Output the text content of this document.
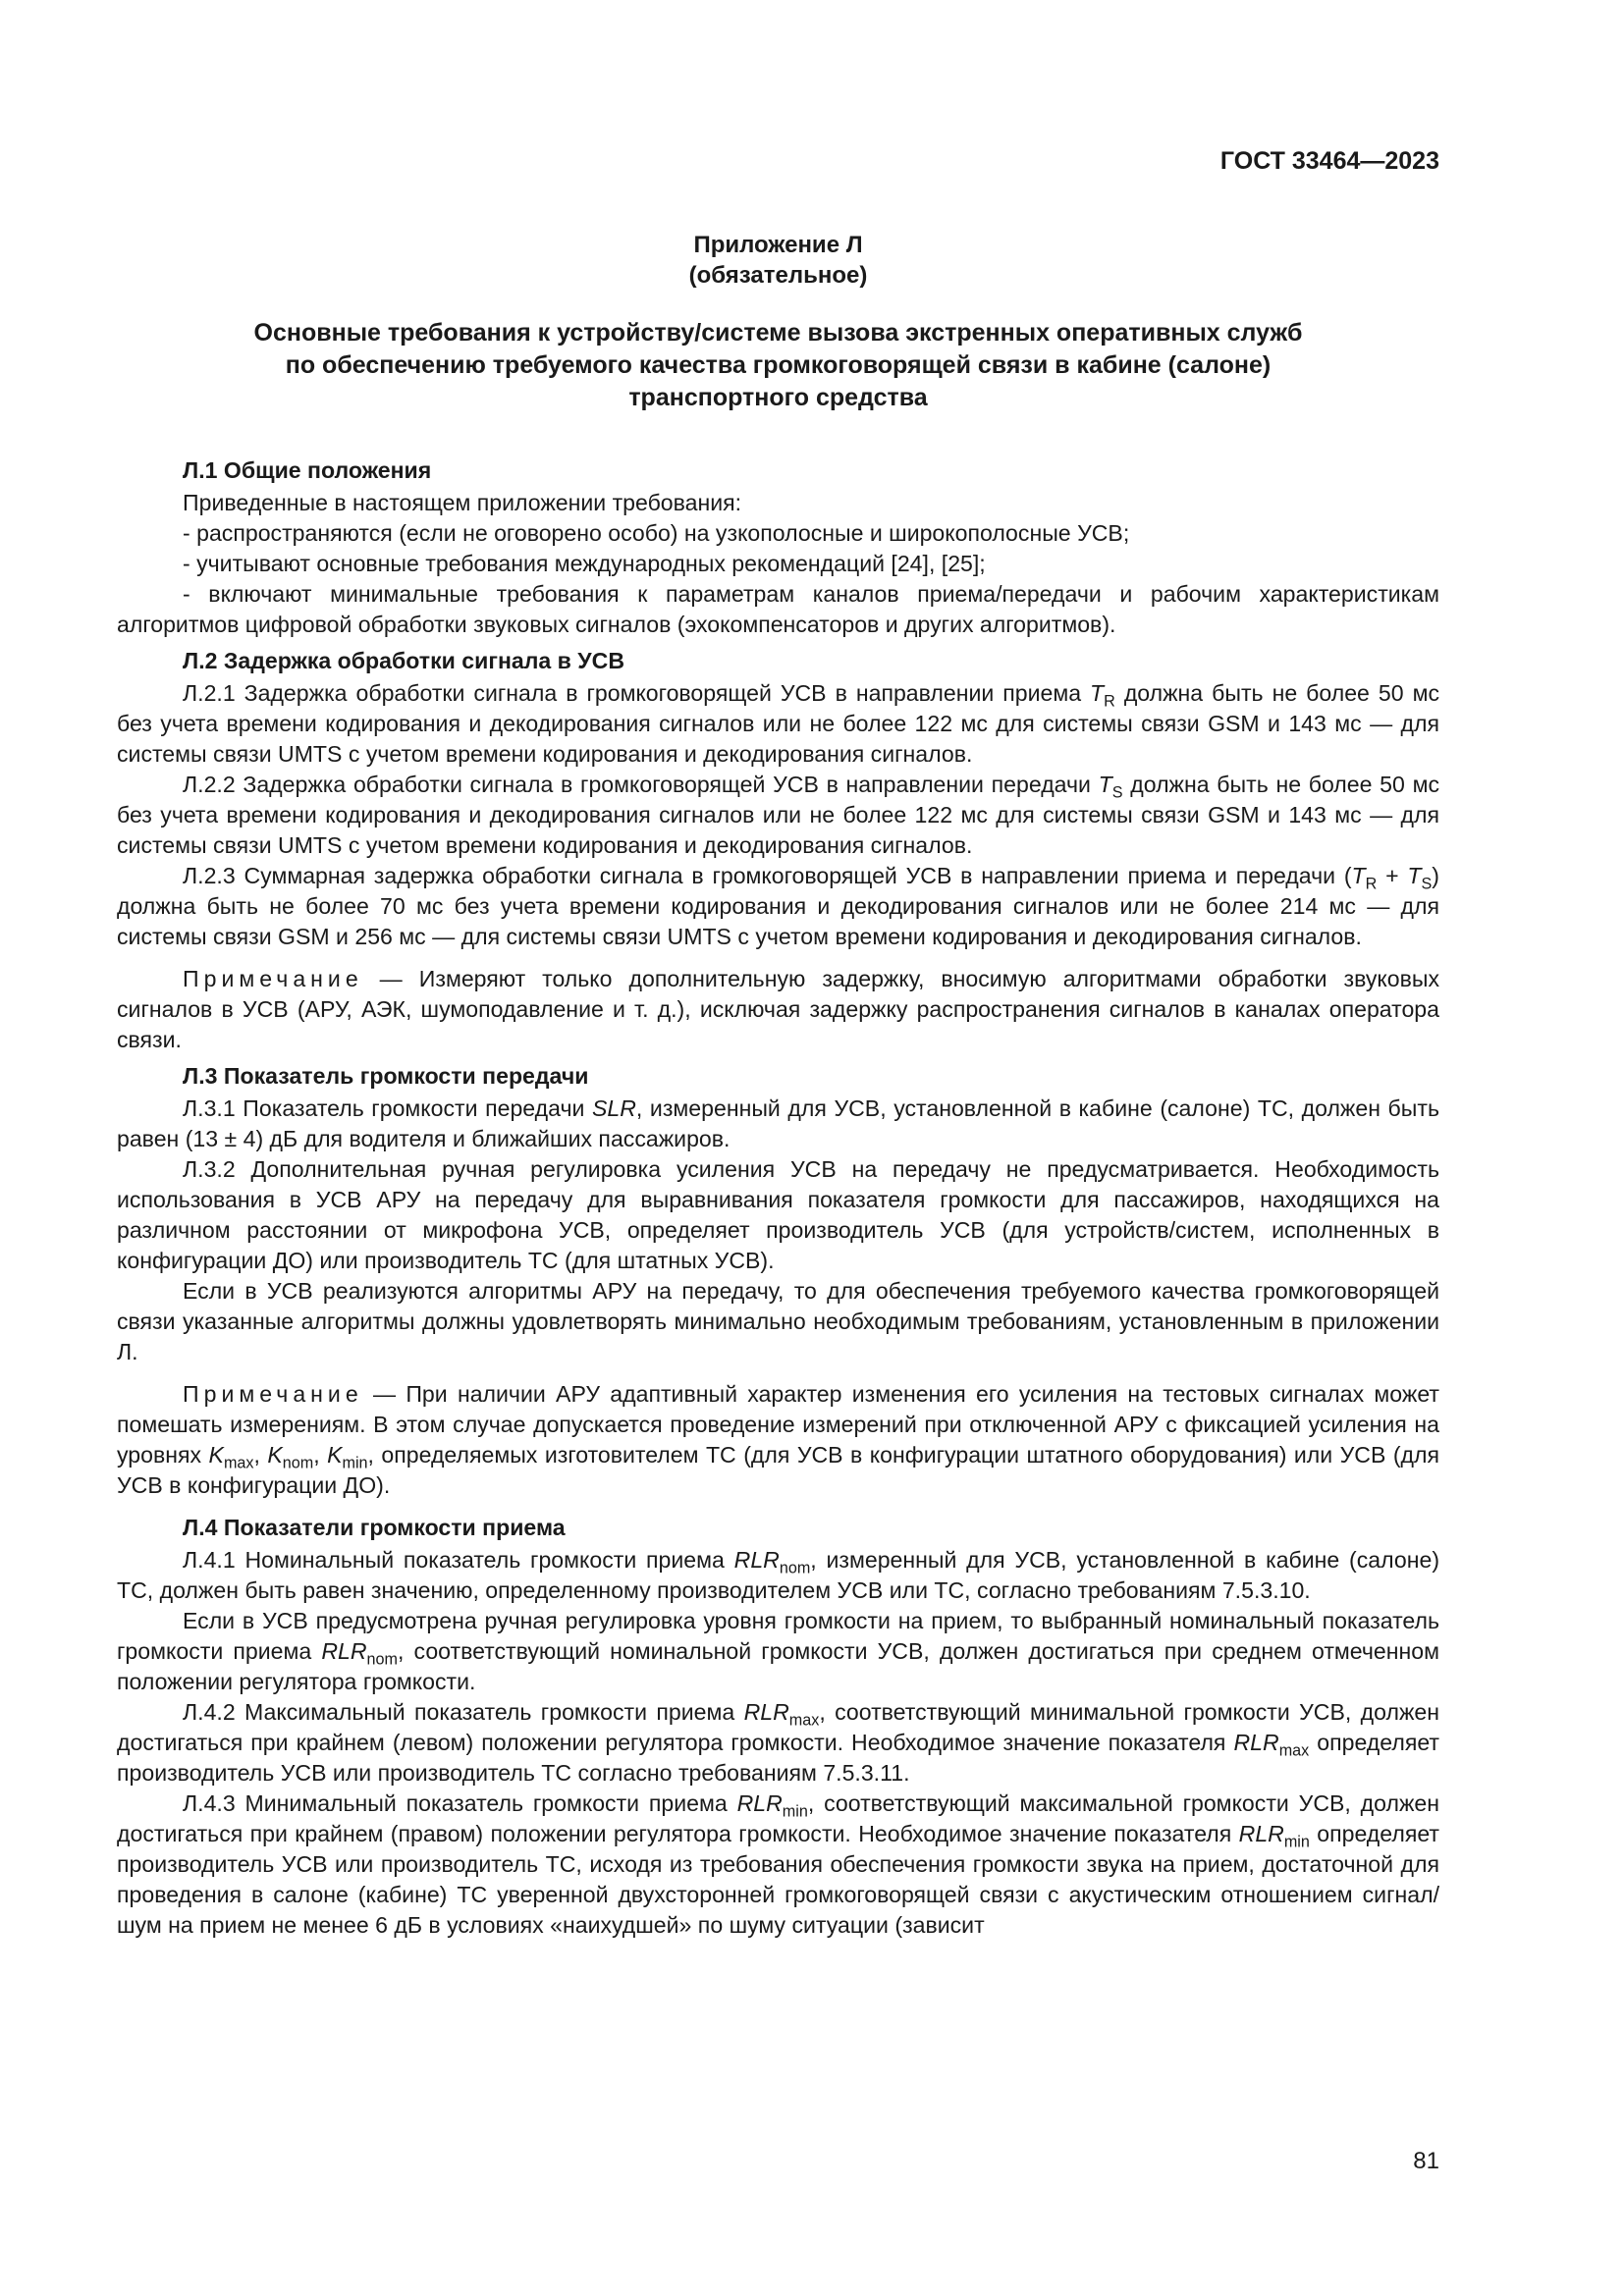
ГОСТ 33464—2023
Приложение Л
(обязательное)
Основные требования к устройству/системе вызова экстренных оперативных служб
по обеспечению требуемого качества громкоговорящей связи в кабине (салоне)
транспортного средства
Л.1 Общие положения

Приведенные в настоящем приложении требования:

- распространяются (если не оговорено особо) на узкополосные и широкополосные УСВ;

- учитывают основные требования международных рекомендаций [24], [25];

- включают минимальные требования к параметрам каналов приема/передачи и рабочим характеристикам алгоритмов цифровой обработки звуковых сигналов (эхокомпенсаторов и других алгоритмов).

Л.2 Задержка обработки сигнала в УСВ

Л.2.1 Задержка обработки сигнала в громкоговорящей УСВ в направлении приема $T_R$ должна быть не более 50 мс без учета времени кодирования и декодирования сигналов или не более 122 мс для системы связи GSM и 143 мс — для системы связи UMTS с учетом времени кодирования и декодирования сигналов.

Л.2.2 Задержка обработки сигнала в громкоговорящей УСВ в направлении передачи $T_S$ должна быть не более 50 мс без учета времени кодирования и декодирования сигналов или не более 122 мс для системы связи GSM и 143 мс — для системы связи UMTS с учетом времени кодирования и декодирования сигналов.

Л.2.3 Суммарная задержка обработки сигнала в громкоговорящей УСВ в направлении приема и передачи $(T_R + T_S)$ должна быть не более 70 мс без учета времени кодирования и декодирования сигналов или не более 214 мс — для системы связи GSM и 256 мс — для системы связи UMTS с учетом времени кодирования и декодирования сигналов.

Примечание — Измеряют только дополнительную задержку, вносимую алгоритмами обработки звуковых сигналов в УСВ (АРУ, АЭК, шумоподавление и т. д.), исключая задержку распространения сигналов в каналах оператора связи.

Л.3 Показатель громкости передачи

Л.3.1 Показатель громкости передачи SLR, измеренный для УСВ, установленной в кабине (салоне) ТС, должен быть равен (13 ± 4) дБ для водителя и ближайших пассажиров.

Л.3.2 Дополнительная ручная регулировка усиления УСВ на передачу не предусматривается. Необходимость использования в УСВ АРУ на передачу для выравнивания показателя громкости для пассажиров, находящихся на различном расстоянии от микрофона УСВ, определяет производитель УСВ (для устройств/систем, исполненных в конфигурации ДО) или производитель ТС (для штатных УСВ).

Если в УСВ реализуются алгоритмы АРУ на передачу, то для обеспечения требуемого качества громкоговорящей связи указанные алгоритмы должны удовлетворять минимально необходимым требованиям, установленным в приложении Л.

Примечание — При наличии АРУ адаптивный характер изменения его усиления на тестовых сигналах может помешать измерениям. В этом случае допускается проведение измерений при отключенной АРУ с фиксацией усиления на уровнях $K_{max}$, $K_{nom}$, $K_{min}$, определяемых изготовителем ТС (для УСВ в конфигурации штатного оборудования) или УСВ (для УСВ в конфигурации ДО).

Л.4 Показатели громкости приема

Л.4.1 Номинальный показатель громкости приема $RLR_{nom}$, измеренный для УСВ, установленной в кабине (салоне) ТС, должен быть равен значению, определенному производителем УСВ или ТС, согласно требованиям 7.5.3.10.

Если в УСВ предусмотрена ручная регулировка уровня громкости на прием, то выбранный номинальный показатель громкости приема $RLR_{nom}$, соответствующий номинальной громкости УСВ, должен достигаться при среднем отмеченном положении регулятора громкости.

Л.4.2 Максимальный показатель громкости приема $RLR_{max}$, соответствующий минимальной громкости УСВ, должен достигаться при крайнем (левом) положении регулятора громкости. Необходимое значение показателя $RLR_{max}$ определяет производитель УСВ или производитель ТС согласно требованиям 7.5.3.11.

Л.4.3 Минимальный показатель громкости приема $RLR_{min}$, соответствующий максимальной громкости УСВ, должен достигаться при крайнем (правом) положении регулятора громкости. Необходимое значение показателя $RLR_{min}$ определяет производитель УСВ или производитель ТС, исходя из требования обеспечения громкости звука на прием, достаточной для проведения в салоне (кабине) ТС уверенной двухсторонней громкоговорящей связи с акустическим отношением сигнал/шум на прием не менее 6 дБ в условиях «наихудшей» по шуму ситуации (зависит

81
